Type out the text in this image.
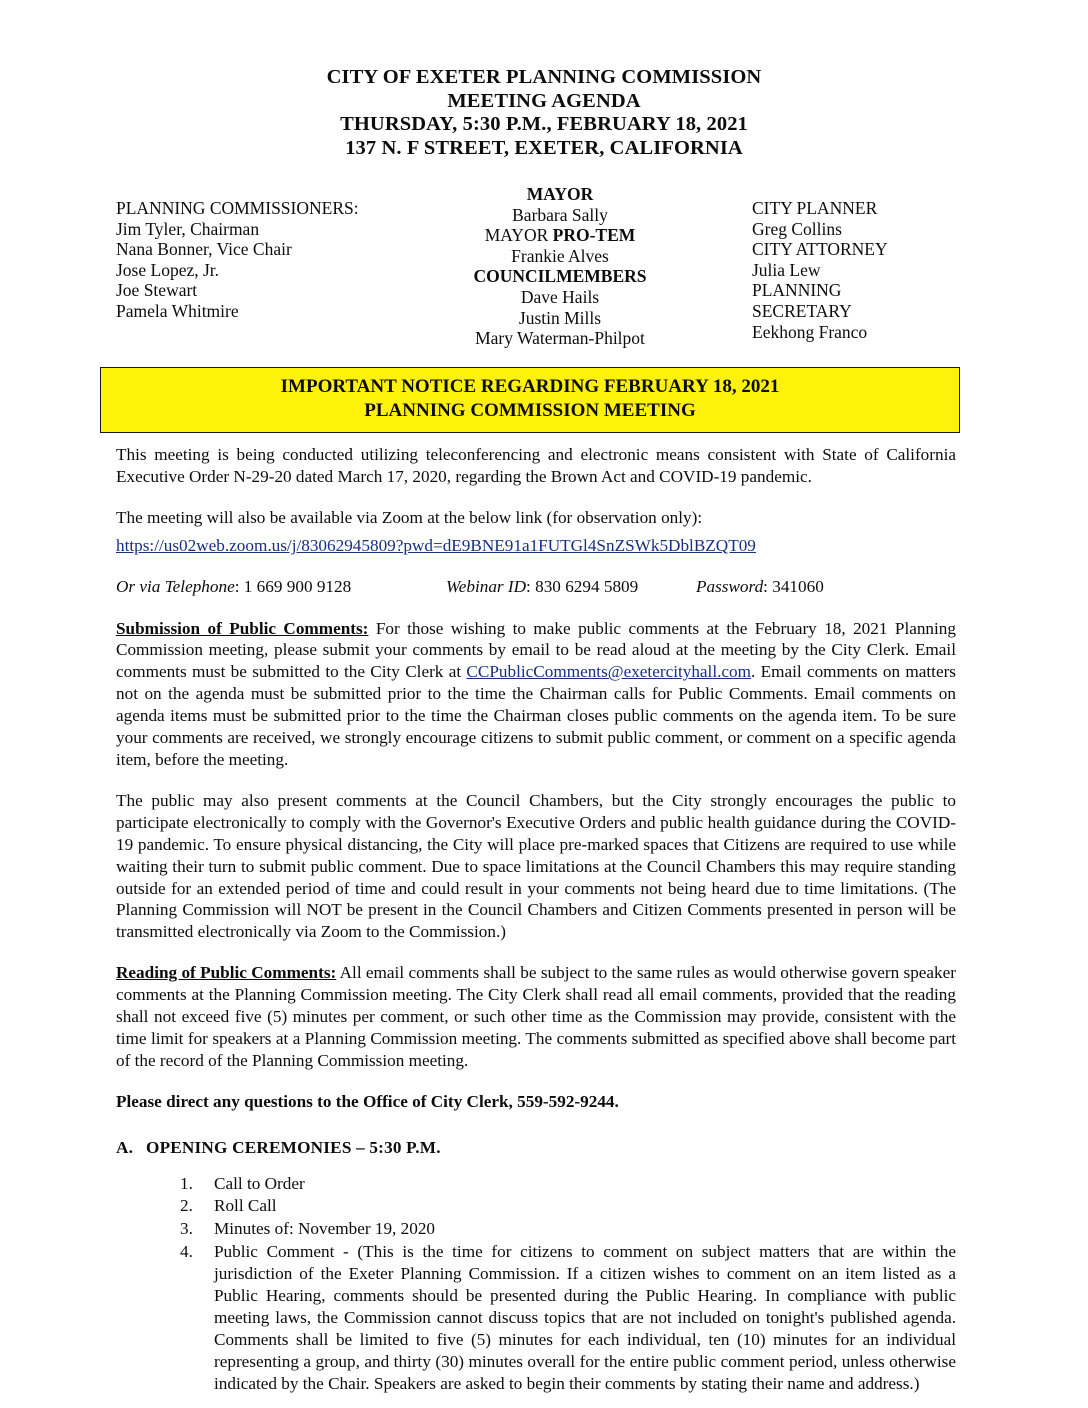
CITY OF EXETER PLANNING COMMISSION
MEETING AGENDA
THURSDAY, 5:30 P.M., FEBRUARY 18, 2021
137 N. F STREET, EXETER, CALIFORNIA
PLANNING COMMISSIONERS:
Jim Tyler, Chairman
Nana Bonner, Vice Chair
Jose Lopez, Jr.
Joe Stewart
Pamela Whitmire
MAYOR
Barbara Sally
MAYOR PRO-TEM
Frankie Alves
COUNCILMEMBERS
Dave Hails
Justin Mills
Mary Waterman-Philpot
CITY PLANNER
Greg Collins
CITY ATTORNEY
Julia Lew
PLANNING
SECRETARY
Eekhong Franco
IMPORTANT NOTICE REGARDING FEBRUARY 18, 2021
PLANNING COMMISSION MEETING

This meeting is being conducted utilizing teleconferencing and electronic means consistent with State of California Executive Order N-29-20 dated March 17, 2020, regarding the Brown Act and COVID-19 pandemic.

The meeting will also be available via Zoom at the below link (for observation only):

https://us02web.zoom.us/j/83062945809?pwd=dE9BNE91a1FUTGl4SnZSWk5DblBZQT09

Or via Telephone: 1 669 900 9128	Webinar ID: 830 6294 5809	Password: 341060

Submission of Public Comments: For those wishing to make public comments at the February 18, 2021 Planning Commission meeting, please submit your comments by email to be read aloud at the meeting by the City Clerk. Email comments must be submitted to the City Clerk at CCPublicComments@exetercityhall.com. Email comments on matters not on the agenda must be submitted prior to the time the Chairman calls for Public Comments. Email comments on agenda items must be submitted prior to the time the Chairman closes public comments on the agenda item. To be sure your comments are received, we strongly encourage citizens to submit public comment, or comment on a specific agenda item, before the meeting.

The public may also present comments at the Council Chambers, but the City strongly encourages the public to participate electronically to comply with the Governor's Executive Orders and public health guidance during the COVID-19 pandemic. To ensure physical distancing, the City will place pre-marked spaces that Citizens are required to use while waiting their turn to submit public comment. Due to space limitations at the Council Chambers this may require standing outside for an extended period of time and could result in your comments not being heard due to time limitations. (The Planning Commission will NOT be present in the Council Chambers and Citizen Comments presented in person will be transmitted electronically via Zoom to the Commission.)

Reading of Public Comments: All email comments shall be subject to the same rules as would otherwise govern speaker comments at the Planning Commission meeting. The City Clerk shall read all email comments, provided that the reading shall not exceed five (5) minutes per comment, or such other time as the Commission may provide, consistent with the time limit for speakers at a Planning Commission meeting. The comments submitted as specified above shall become part of the record of the Planning Commission meeting.

Please direct any questions to the Office of City Clerk, 559-592-9244.

A. OPENING CEREMONIES – 5:30 P.M.
Call to Order
Roll Call
Minutes of: November 19, 2020
Public Comment - (This is the time for citizens to comment on subject matters that are within the jurisdiction of the Exeter Planning Commission. If a citizen wishes to comment on an item listed as a Public Hearing, comments should be presented during the Public Hearing. In compliance with public meeting laws, the Commission cannot discuss topics that are not included on tonight's published agenda. Comments shall be limited to five (5) minutes for each individual, ten (10) minutes for an individual representing a group, and thirty (30) minutes overall for the entire public comment period, unless otherwise indicated by the Chair. Speakers are asked to begin their comments by stating their name and address.)
